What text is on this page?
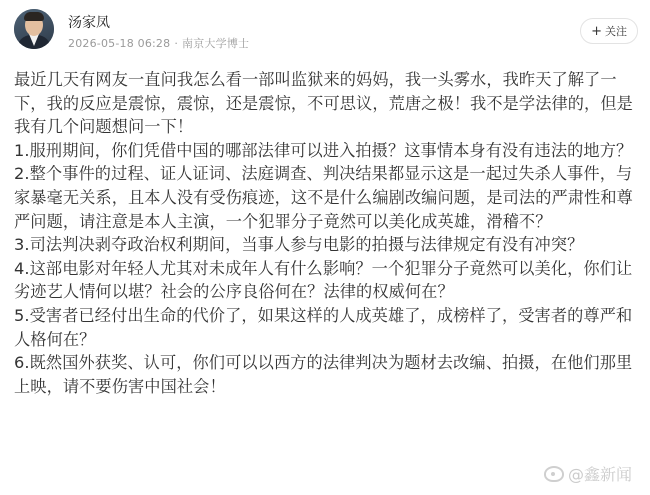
汤家凤
2026-05-18 06:28 · 南京大学博士
+ 关注

最近几天有网友一直问我怎么看一部叫监狱来的妈妈，我一头雾水，我昨天了解了一下，我的反应是震惊，震惊，还是震惊，不可思议，荒唐之极！我不是学法律的，但是我有几个问题想问一下！

1.服刑期间，你们凭借中国的哪部法律可以进入拍摄？这事情本身有没有违法的地方？

2.整个事件的过程、证人证词、法庭调查、判决结果都显示这是一起过失杀人事件，与家暴毫无关系，且本人没有受伤痕迹，这不是什么编剧改编问题，是司法的严肃性和尊严问题，请注意是本人主演，一个犯罪分子竟然可以美化成英雄，滑稽不？

3.司法判决剥夺政治权利期间，当事人参与电影的拍摄与法律规定有没有冲突？

4.这部电影对年轻人尤其对未成年人有什么影响？一个犯罪分子竟然可以美化，你们让劣迹艺人情何以堪？社会的公序良俗何在？法律的权威何在？

5.受害者已经付出生命的代价了，如果这样的人成英雄了，成榜样了，受害者的尊严和人格何在？

6.既然国外获奖、认可，你们可以以西方的法律判决为题材去改编、拍摄，在他们那里上映，请不要伤害中国社会！

@鑫新闻
